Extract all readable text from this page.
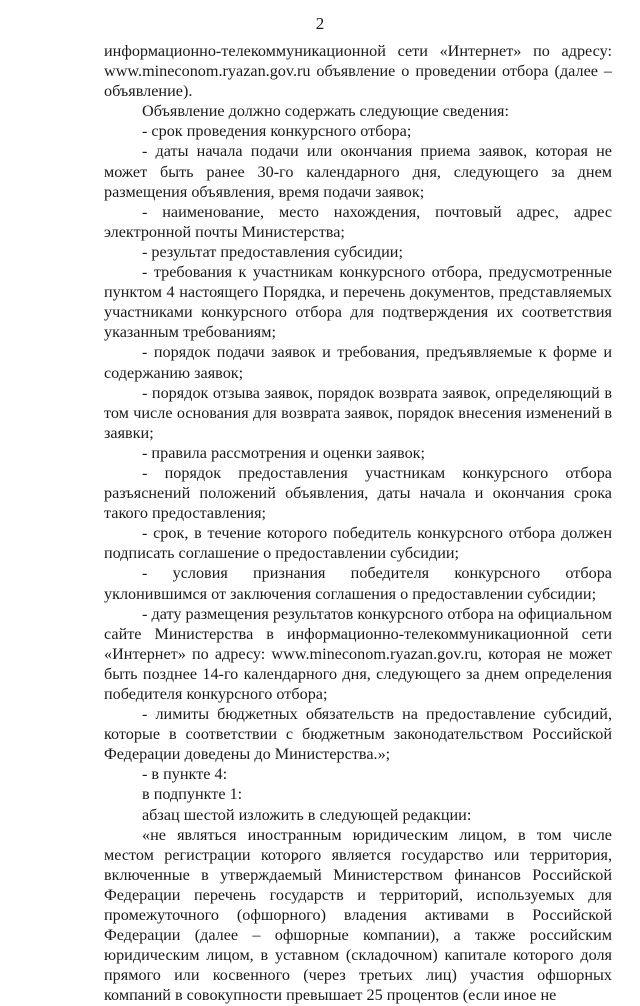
2

информационно-телекоммуникационной сети «Интернет» по адресу: www.mineconom.ryazan.gov.ru объявление о проведении отбора (далее – объявление).

Объявление должно содержать следующие сведения:

- срок проведения конкурсного отбора;

- даты начала подачи или окончания приема заявок, которая не может быть ранее 30-го календарного дня, следующего за днем размещения объявления, время подачи заявок;

- наименование, место нахождения, почтовый адрес, адрес электронной почты Министерства;

- результат предоставления субсидии;

- требования к участникам конкурсного отбора, предусмотренные пунктом 4 настоящего Порядка, и перечень документов, представляемых участниками конкурсного отбора для подтверждения их соответствия указанным требованиям;

- порядок подачи заявок и требования, предъявляемые к форме и содержанию заявок;

- порядок отзыва заявок, порядок возврата заявок, определяющий в том числе основания для возврата заявок, порядок внесения изменений в заявки;

- правила рассмотрения и оценки заявок;

- порядок предоставления участникам конкурсного отбора разъяснений положений объявления, даты начала и окончания срока такого предоставления;

- срок, в течение которого победитель конкурсного отбора должен подписать соглашение о предоставлении субсидии;

- условия признания победителя конкурсного отбора уклонившимся от заключения соглашения о предоставлении субсидии;

- дату размещения результатов конкурсного отбора на официальном сайте Министерства в информационно-телекоммуникационной сети «Интернет» по адресу: www.mineconom.ryazan.gov.ru, которая не может быть позднее 14-го календарного дня, следующего за днем определения победителя конкурсного отбора;

- лимиты бюджетных обязательств на предоставление субсидий, которые в соответствии с бюджетным законодательством Российской Федерации доведены до Министерства.»;

- в пункте 4:

в подпункте 1:

абзац шестой изложить в следующей редакции:

«не являться иностранным юридическим лицом, в том числе местом регистрации которого является государство или территория, включенные в утверждаемый Министерством финансов Российской Федерации перечень государств и территорий, используемых для промежуточного (офшорного) владения активами в Российской Федерации (далее – офшорные компании), а также российским юридическим лицом, в уставном (складочном) капитале которого доля прямого или косвенного (через третьих лиц) участия офшорных компаний в совокупности превышает 25 процентов (если иное не
